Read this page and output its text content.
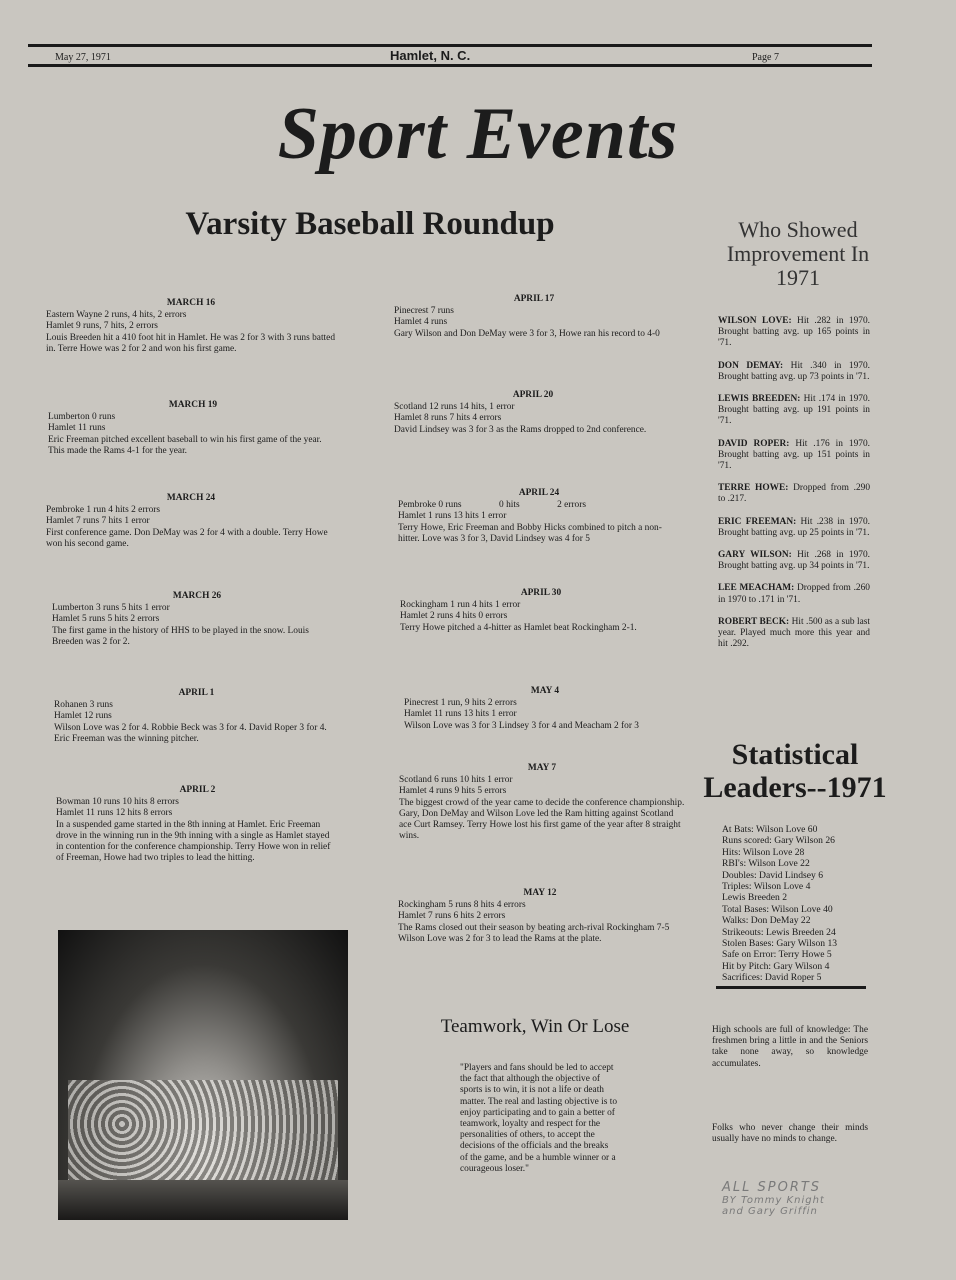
May 27, 1971	Hamlet, N. C.	Page 7
Sport Events
Varsity Baseball Roundup	Who Showed Improvement In 1971
MARCH 16
Eastern Wayne 2 runs, 4 hits, 2 errors
Hamlet 9 runs, 7 hits, 2 errors
Louis Breeden hit a 410 foot hit in Hamlet. He was 2 for 3 with 3 runs batted in. Terre Howe was 2 for 2 and won his first game.
MARCH 19
Lumberton 0 runs
Hamlet 11 runs
Eric Freeman pitched excellent baseball to win his first game of the year. This made the Rams 4-1 for the year.
MARCH 24
Pembroke 1 run 4 hits 2 errors
Hamlet 7 runs 7 hits 1 error
First conference game. Don DeMay was 2 for 4 with a double. Terry Howe won his second game.
MARCH 26
Lumberton 3 runs 5 hits 1 error
Hamlet 5 runs 5 hits 2 errors
The first game in the history of HHS to be played in the snow. Louis Breeden was 2 for 2.
APRIL 1
Rohanen 3 runs
Hamlet 12 runs
Wilson Love was 2 for 4. Robbie Beck was 3 for 4. David Roper 3 for 4. Eric Freeman was the winning pitcher.
APRIL 2
Bowman 10 runs 10 hits 8 errors
Hamlet 11 runs 12 hits 8 errors
In a suspended game started in the 8th inning at Hamlet. Eric Freeman drove in the winning run in the 9th inning with a single as Hamlet stayed in contention for the conference championship. Terry Howe won in relief of Freeman, Howe had two triples to lead the hitting.
APRIL 17
Pinecrest 7 runs
Hamlet 4 runs
Gary Wilson and Don DeMay were 3 for 3, Howe ran his record to 4-0
APRIL 20
Scotland 12 runs 14 hits, 1 error
Hamlet 8 runs 7 hits 4 errors
David Lindsey was 3 for 3 as the Rams dropped to 2nd conference.
APRIL 24
Pembroke 0 runs                0 hits                2 errors
Hamlet 1 runs 13 hits 1 error
Terry Howe, Eric Freeman and Bobby Hicks combined to pitch a non-hitter. Love was 3 for 3, David Lindsey was 4 for 5
APRIL 30
Rockingham 1 run 4 hits 1 error
Hamlet 2 runs 4 hits 0 errors
Terry Howe pitched a 4-hitter as Hamlet beat Rockingham 2-1.
MAY 4
Pinecrest 1 run, 9 hits 2 errors
Hamlet 11 runs 13 hits 1 error
Wilson Love was 3 for 3 Lindsey 3 for 4 and Meacham 2 for 3
MAY 7
Scotland 6 runs 10 hits 1 error
Hamlet 4 runs 9 hits 5 errors
The biggest crowd of the year came to decide the conference championship. Gary, Don DeMay and Wilson Love led the Ram hitting against Scotland ace Curt Ramsey. Terry Howe lost his first game of the year after 8 straight wins.
MAY 12
Rockingham 5 runs 8 hits 4 errors
Hamlet 7 runs 6 hits 2 errors
The Rams closed out their season by beating arch-rival Rockingham 7-5 Wilson Love was 2 for 3 to lead the Rams at the plate.
WILSON LOVE: Hit .282 in 1970. Brought batting avg. up 165 points in '71.
DON DEMAY: Hit .340 in 1970. Brought batting avg. up 73 points in '71.
LEWIS BREEDEN: Hit .174 in 1970. Brought batting avg. up 191 points in '71.
DAVID ROPER: Hit .176 in 1970. Brought batting avg. up 151 points in '71.
TERRE HOWE: Dropped from .290 to .217.
ERIC FREEMAN: Hit .238 in 1970. Brought batting avg. up 25 points in '71.
GARY WILSON: Hit .268 in 1970. Brought batting avg. up 34 points in '71.
LEE MEACHAM: Dropped from .260 in 1970 to .171 in '71.
ROBERT BECK: Hit .500 as a sub last year. Played much more this year and hit .292.
Statistical Leaders--1971
At Bats: Wilson Love 60
Runs scored: Gary Wilson 26
Hits: Wilson Love 28
RBI's: Wilson Love 22
Doubles: David Lindsey 6
Triples: Wilson Love 4
Lewis Breeden 2
Total Bases: Wilson Love 40
Walks: Don DeMay 22
Strikeouts: Lewis Breeden 24
Stolen Bases: Gary Wilson 13
Safe on Error: Terry Howe 5
Hit by Pitch: Gary Wilson 4
Sacrifices: David Roper 5
Teamwork, Win Or Lose
"Players and fans should be led to accept the fact that although the objective of sports is to win, it is not a life or death matter. The real and lasting objective is to enjoy participating and to gain a better of teamwork, loyalty and respect for the personalities of others, to accept the decisions of the officials and the breaks of the game, and be a humble winner or a courageous loser."
High schools are full of knowledge: The freshmen bring a little in and the Seniors take none away, so knowledge accumulates.
Folks who never change their minds usually have no minds to change.
ALL SPORTS
BY Tommy Knight
and Gary Griffin
